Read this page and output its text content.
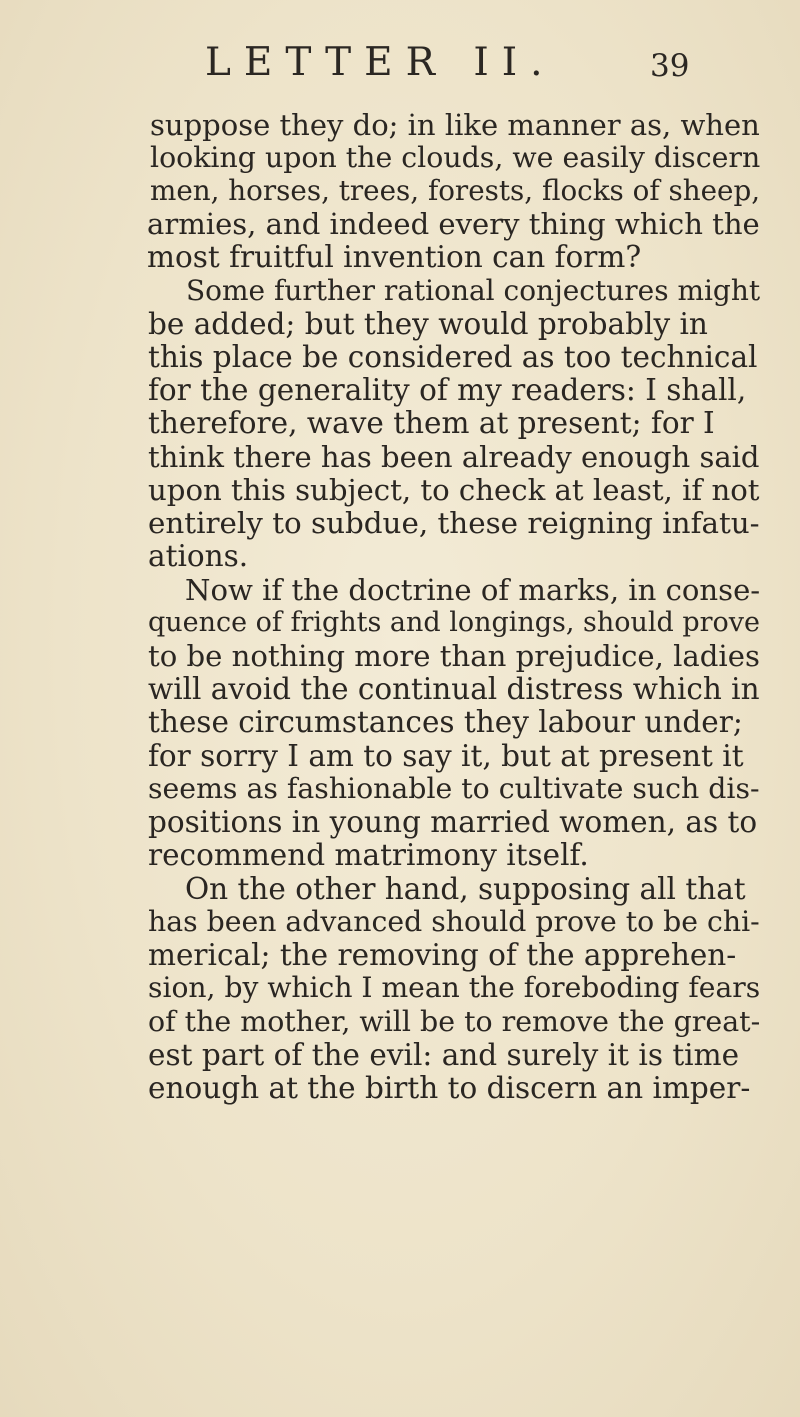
LETTER II.	39
suppose they do; in like manner as, when
looking upon the clouds, we easily discern
men, horses, trees, forests, flocks of sheep,
armies, and indeed every thing which the
most fruitful invention can form?
Some further rational conjectures might
be added; but they would probably in
this place be considered as too technical
for the generality of my readers: I shall,
therefore, wave them at present; for I
think there has been already enough said
upon this subject, to check at least, if not
entirely to subdue, these reigning infatu-
ations.
Now if the doctrine of marks, in conse-
quence of frights and longings, should prove
to be nothing more than prejudice, ladies
will avoid the continual distress which in
these circumstances they labour under;
for sorry I am to say it, but at present it
seems as fashionable to cultivate such dis-
positions in young married women, as to
recommend matrimony itself.
On the other hand, supposing all that
has been advanced should prove to be chi-
merical; the removing of the apprehen-
sion, by which I mean the foreboding fears
of the mother, will be to remove the great-
est part of the evil: and surely it is time
enough at the birth to discern an imper-
